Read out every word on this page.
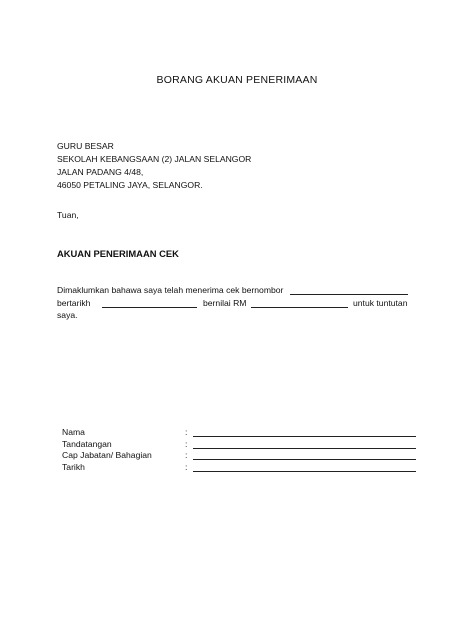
BORANG AKUAN PENERIMAAN
GURU BESAR
SEKOLAH KEBANGSAAN (2) JALAN SELANGOR
JALAN PADANG 4/48,
46050 PETALING JAYA, SELANGOR.
Tuan,
AKUAN PENERIMAAN CEK
Dimaklumkan bahawa saya telah menerima cek bernombor
bertarikh	bernilai RM	untuk tuntutan
saya.
Nama	:
Tandatangan	:
Cap Jabatan/ Bahagian	:
Tarikh	:
